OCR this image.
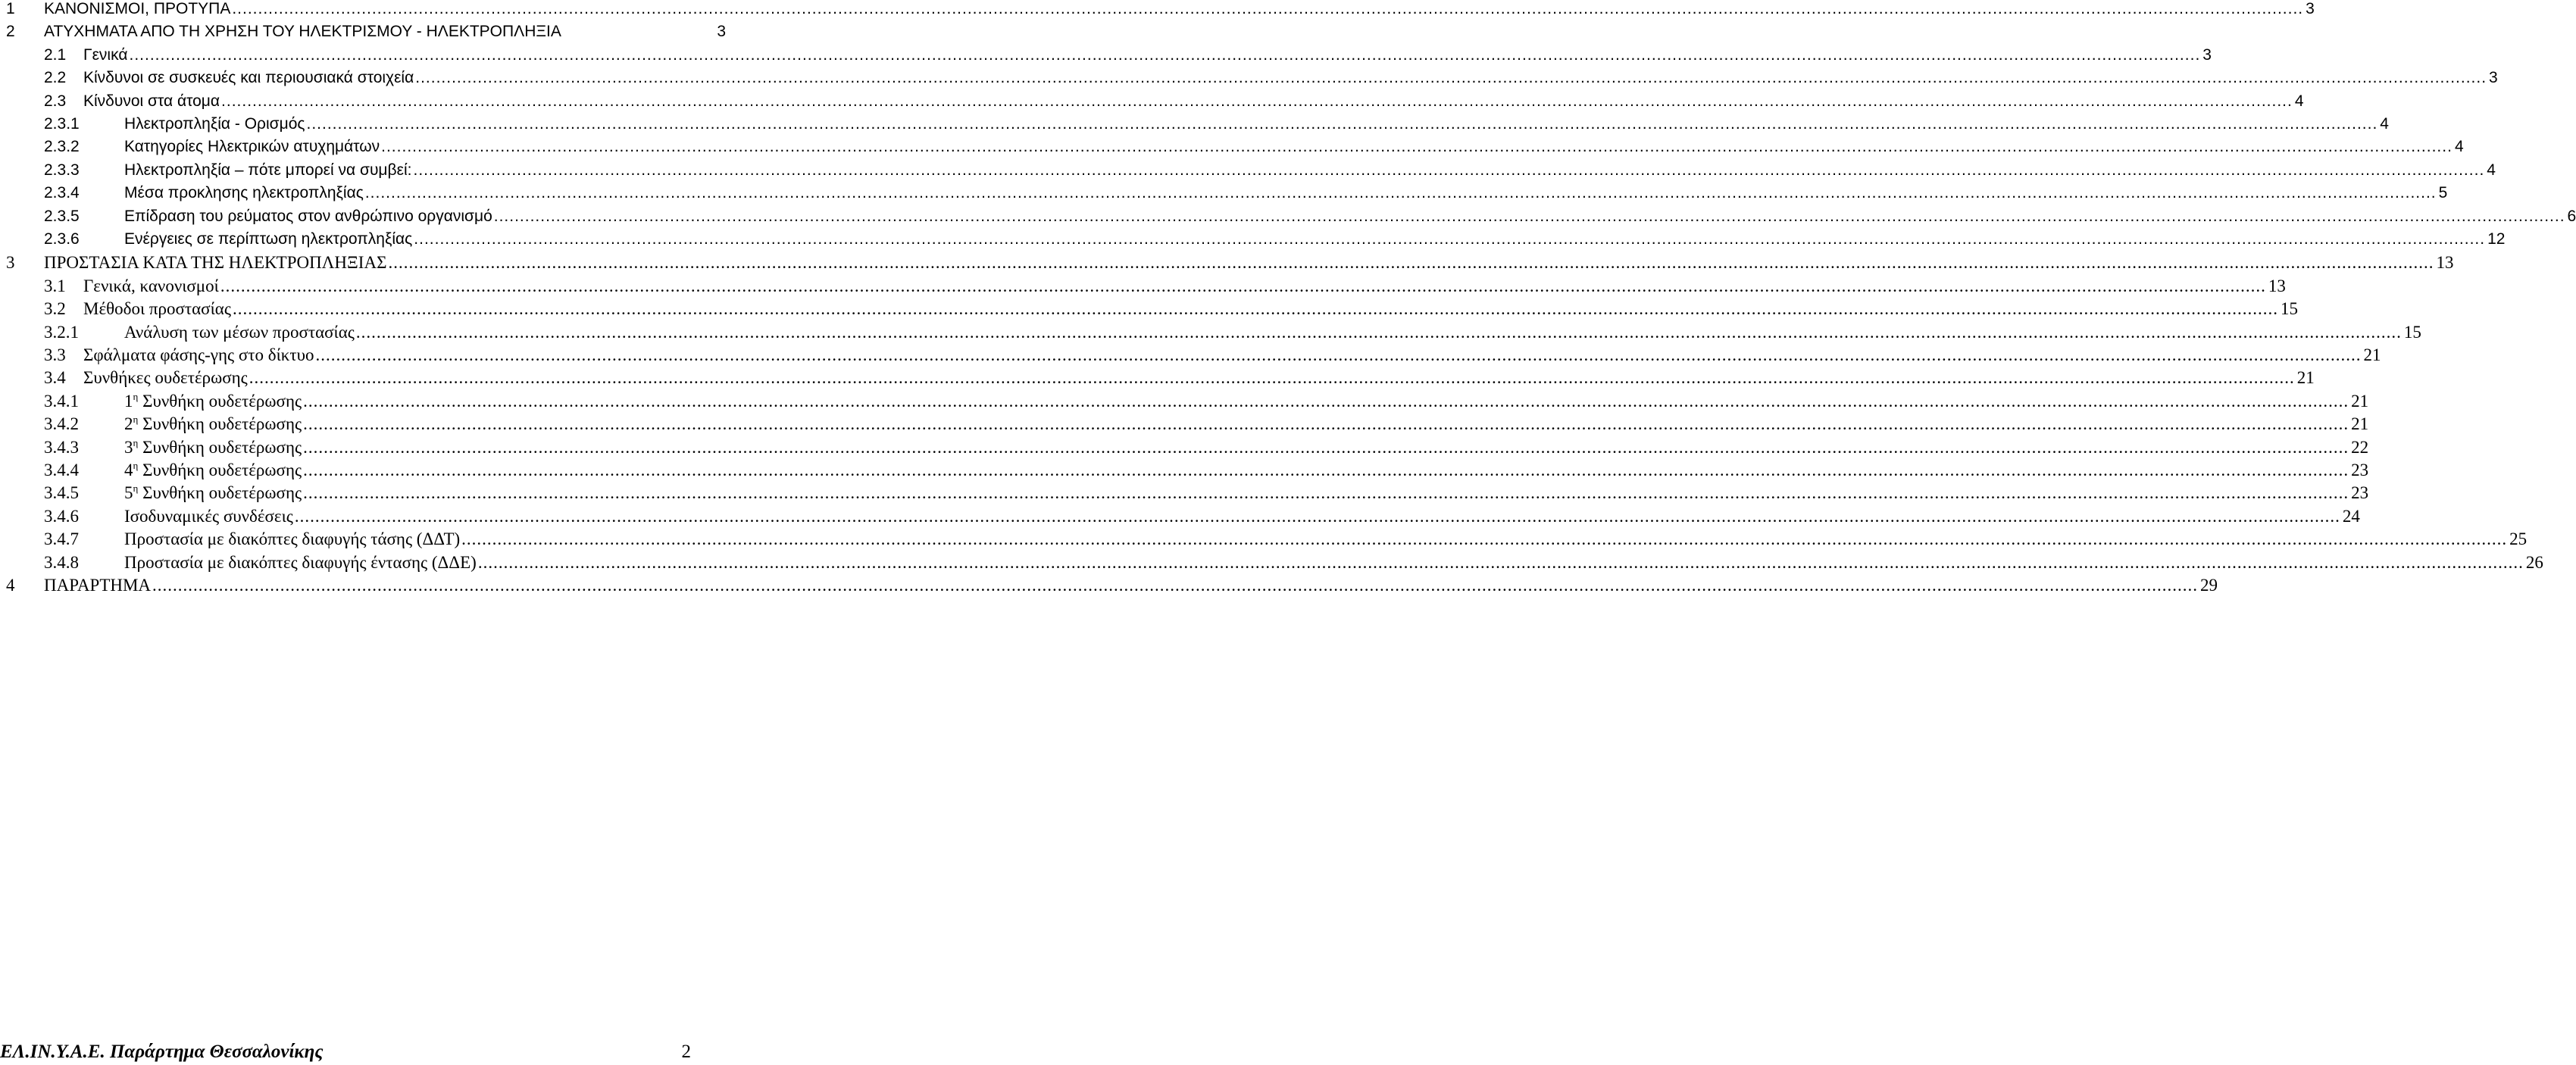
1 ΚΑΝΟΝΙΣΜΟΙ, ΠΡΟΤΥΠΑ ................................................................................................................................................................................................................................................................................................................................................................................................................ 3
2 ΑΤΥΧΗΜΑΤΑ ΑΠΟ ΤΗ ΧΡΗΣΗ ΤΟΥ ΗΛΕΚΤΡΙΣΜΟΥ - ΗΛΕΚΤΡΟΠΛΗΞΙΑ	3
2.1 Γενικά ................................................................................................................................................................................................................................................................................................................................................................................................................ 3
2.2 Κίνδυνοι σε συσκευές και περιουσιακά στοιχεία ................................................................................................................................................................................................................................................................................................................................................................................................................ 3
2.3 Κίνδυνοι στα άτομα ................................................................................................................................................................................................................................................................................................................................................................................................................ 4
2.3.1	Ηλεκτροπληξία - Ορισμός ................................................................................................................................................................................................................................................................................................................................................................................................................ 4
2.3.2	Κατηγορίες Ηλεκτρικών ατυχημάτων ................................................................................................................................................................................................................................................................................................................................................................................................................ 4
2.3.3	Ηλεκτροπληξία – πότε μπορεί να συμβεί: ................................................................................................................................................................................................................................................................................................................................................................................................................ 4
2.3.4	Μέσα προκλησης ηλεκτροπληξίας ................................................................................................................................................................................................................................................................................................................................................................................................................ 5
2.3.5	Επίδραση του ρεύματος στον ανθρώπινο οργανισμό ................................................................................................................................................................................................................................................................................................................................................................................................................ 6
2.3.6	Ενέργειες σε περίπτωση ηλεκτροπληξίας ................................................................................................................................................................................................................................................................................................................................................................................................................ 12
3 ΠΡΟΣΤΑΣΙΑ ΚΑΤΑ ΤΗΣ ΗΛΕΚΤΡΟΠΛΗΞΙΑΣ ................................................................................................................................................................................................................................................................................................................................................................................................................ 13
3.1 Γενικά, κανονισμοί ................................................................................................................................................................................................................................................................................................................................................................................................................ 13
3.2 Μέθοδοι προστασίας ................................................................................................................................................................................................................................................................................................................................................................................................................ 15
3.2.1	Ανάλυση των μέσων προστασίας ................................................................................................................................................................................................................................................................................................................................................................................................................ 15
3.3 Σφάλματα φάσης-γης στο δίκτυο ................................................................................................................................................................................................................................................................................................................................................................................................................ 21
3.4 Συνθήκες ουδετέρωσης ................................................................................................................................................................................................................................................................................................................................................................................................................ 21
3.4.1	$1^\eta$ Συνθήκη ουδετέρωσης ................................................................................................................................................................................................................................................................................................................................................................................................................ 21
3.4.2	$2^\eta$ Συνθήκη ουδετέρωσης ................................................................................................................................................................................................................................................................................................................................................................................................................ 21
3.4.3	$3^\eta$ Συνθήκη ουδετέρωσης ................................................................................................................................................................................................................................................................................................................................................................................................................ 22
3.4.4	$4^\eta$ Συνθήκη ουδετέρωσης ................................................................................................................................................................................................................................................................................................................................................................................................................ 23
3.4.5	$5^\eta$ Συνθήκη ουδετέρωσης ................................................................................................................................................................................................................................................................................................................................................................................................................ 23
3.4.6	Ισοδυναμικές συνδέσεις ................................................................................................................................................................................................................................................................................................................................................................................................................ 24
3.4.7	Προστασία με διακόπτες διαφυγής τάσης (ΔΔΤ) ................................................................................................................................................................................................................................................................................................................................................................................................................ 25
3.4.8	Προστασία με διακόπτες διαφυγής έντασης (ΔΔΕ) ................................................................................................................................................................................................................................................................................................................................................................................................................ 26
4 ΠΑΡΑΡΤΗΜΑ ................................................................................................................................................................................................................................................................................................................................................................................................................ 29
ΕΛ.ΙΝ.Υ.Α.Ε. Παράρτημα Θεσσαλονίκης	2
